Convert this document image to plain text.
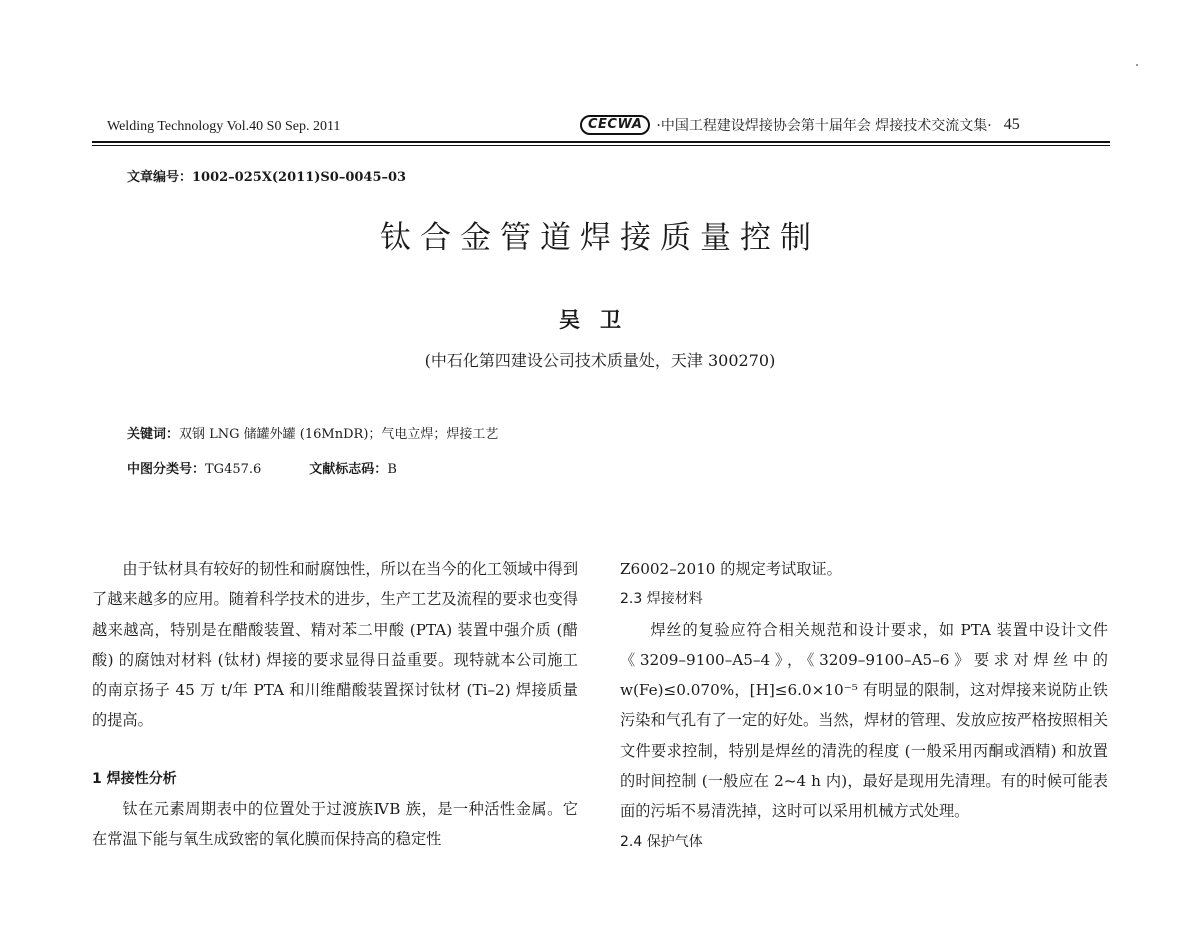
Welding Technology Vol.40 S0 Sep. 2011	CECWA	·中国工程建设焊接协会第十届年会 焊接技术交流文集· 45
文章编号：1002–025X(2011)S0–0045–03
钛合金管道焊接质量控制
吴卫
(中石化第四建设公司技术质量处，天津 300270)
关键词：双钢 LNG 储罐外罐 (16MnDR)；气电立焊；焊接工艺
中图分类号：TG457.6	文献标志码：B

由于钛材具有较好的韧性和耐腐蚀性，所以在当今的化工领域中得到了越来越多的应用。随着科学技术的进步，生产工艺及流程的要求也变得越来越高，特别是在醋酸装置、精对苯二甲酸 (PTA) 装置中强介质 (醋酸) 的腐蚀对材料 (钛材) 焊接的要求显得日益重要。现特就本公司施工的南京扬子 45 万 t/年 PTA 和川维醋酸装置探讨钛材 (Ti–2) 焊接质量的提高。

1 焊接性分析

钛在元素周期表中的位置处于过渡族ⅣB 族，是一种活性金属。它在常温下能与氧生成致密的氧化膜而保持高的稳定性

Z6002–2010 的规定考试取证。

2.3 焊接材料

焊丝的复验应符合相关规范和设计要求，如 PTA 装置中设计文件《3209–9100–A5–4》，《3209–9100–A5–6》要求对焊丝中的 w(Fe)≤0.070%，[H]≤6.0×10⁻⁵ 有明显的限制，这对焊接来说防止铁污染和气孔有了一定的好处。当然，焊材的管理、发放应按严格按照相关文件要求控制，特别是焊丝的清洗的程度 (一般采用丙酮或酒精) 和放置的时间控制 (一般应在 2~4 h 内)，最好是现用先清理。有的时候可能表面的污垢不易清洗掉，这时可以采用机械方式处理。

2.4 保护气体
